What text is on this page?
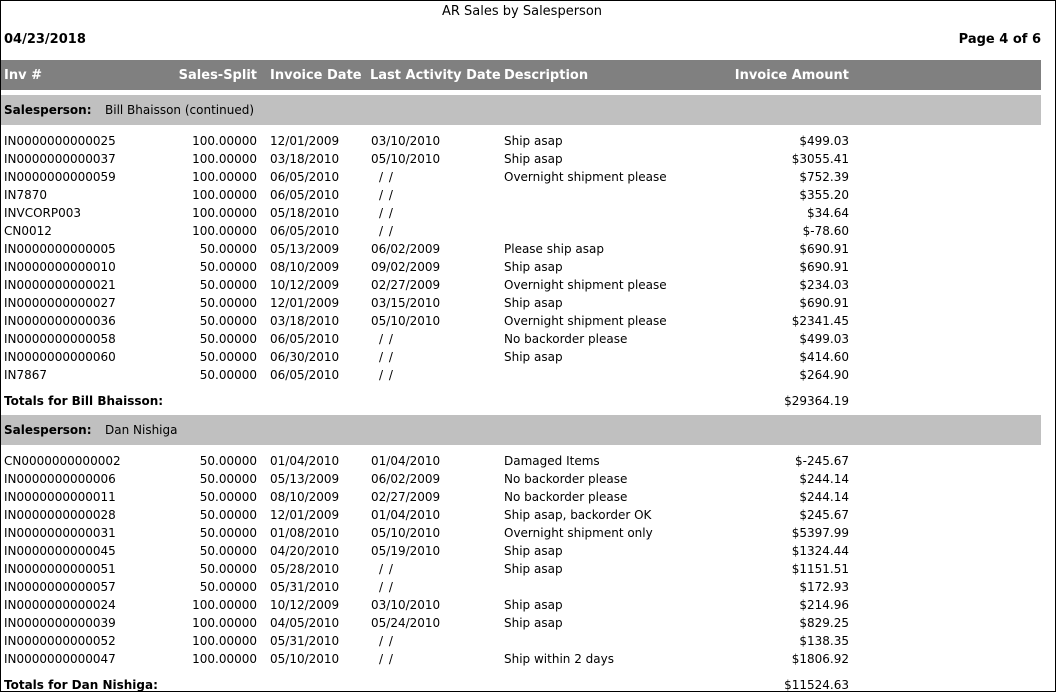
AR Sales by Salesperson
04/23/2018	Page 4 of 6
Inv #	Sales-Split Invoice Date Last Activity Date Description	Invoice Amount
Salesperson: Bill Bhaisson (continued)
IN0000000000025	100.00000 12/01/2009	03/10/2010	Ship asap	$499.03
IN0000000000037	100.00000 03/18/2010	05/10/2010	Ship asap	$3055.41
IN0000000000059	100.00000 06/05/2010	/ /	Overnight shipment please	$752.39
IN7870	100.00000 06/05/2010	/ /	$355.20
INVCORP003	100.00000 05/18/2010	/ /	$34.64
CN0012	100.00000 06/05/2010	/ /	$-78.60
IN0000000000005	50.00000 05/13/2009	06/02/2009	Please ship asap	$690.91
IN0000000000010	50.00000 08/10/2009	09/02/2009	Ship asap	$690.91
IN0000000000021	50.00000 10/12/2009	02/27/2009	Overnight shipment please	$234.03
IN0000000000027	50.00000 12/01/2009	03/15/2010	Ship asap	$690.91
IN0000000000036	50.00000 03/18/2010	05/10/2010	Overnight shipment please	$2341.45
IN0000000000058	50.00000 06/05/2010	/ /	No backorder please	$499.03
IN0000000000060	50.00000 06/30/2010	/ /	Ship asap	$414.60
IN7867	50.00000 06/05/2010	/ /	$264.90
Totals for Bill Bhaisson:	$29364.19
Salesperson: Dan Nishiga
CN0000000000002	50.00000 01/04/2010	01/04/2010	Damaged Items	$-245.67
IN0000000000006	50.00000 05/13/2009	06/02/2009	No backorder please	$244.14
IN0000000000011	50.00000 08/10/2009	02/27/2009	No backorder please	$244.14
IN0000000000028	50.00000 12/01/2009	01/04/2010	Ship asap, backorder OK	$245.67
IN0000000000031	50.00000 01/08/2010	05/10/2010	Overnight shipment only	$5397.99
IN0000000000045	50.00000 04/20/2010	05/19/2010	Ship asap	$1324.44
IN0000000000051	50.00000 05/28/2010	/ /	Ship asap	$1151.51
IN0000000000057	50.00000 05/31/2010	/ /	$172.93
IN0000000000024	100.00000 10/12/2009	03/10/2010	Ship asap	$214.96
IN0000000000039	100.00000 04/05/2010	05/24/2010	Ship asap	$829.25
IN0000000000052	100.00000 05/31/2010	/ /	$138.35
IN0000000000047	100.00000 05/10/2010	/ /	Ship within 2 days	$1806.92
Totals for Dan Nishiga:	$11524.63
